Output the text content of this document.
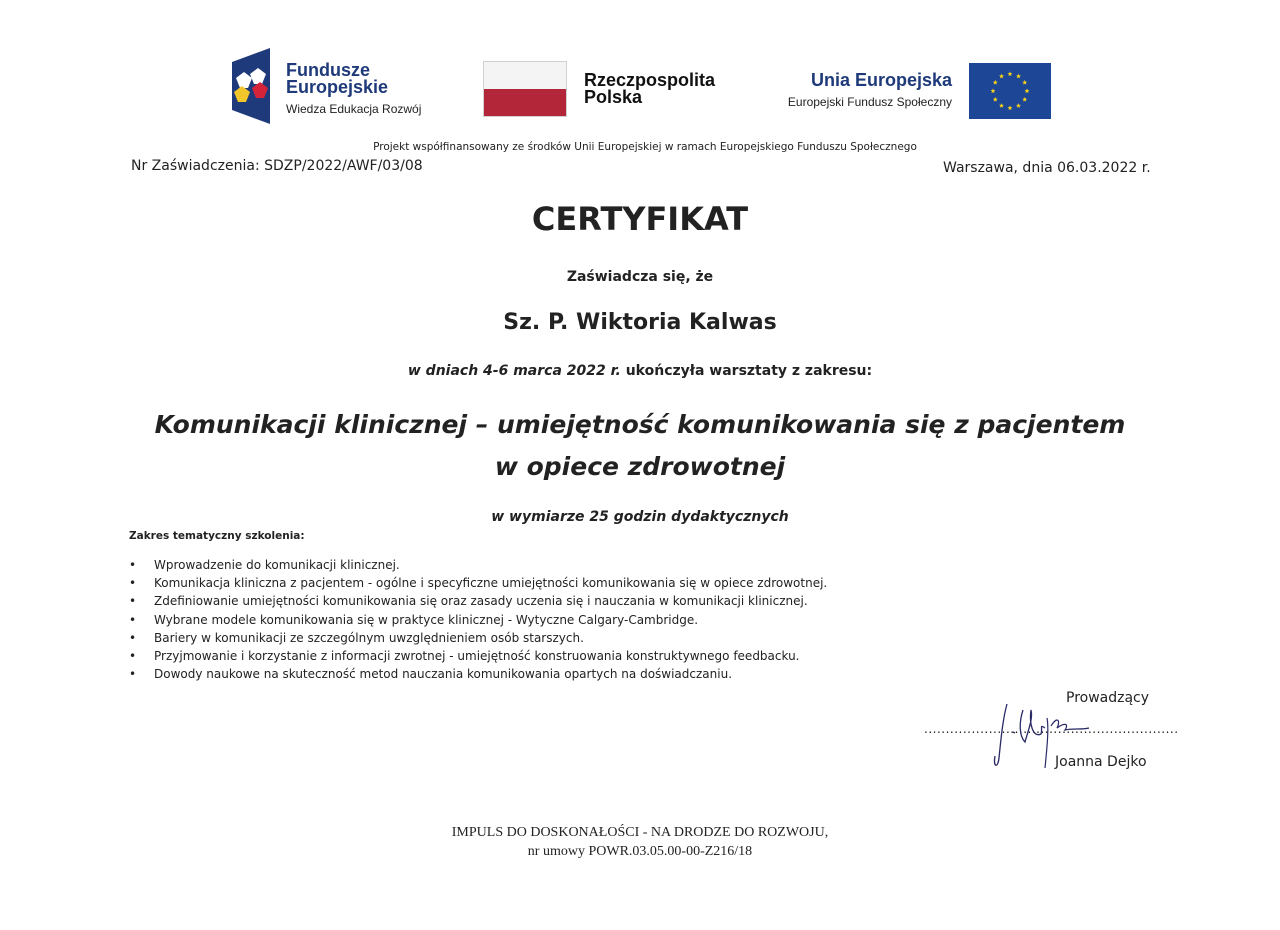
Fundusze
Europejskie
Wiedza Edukacja Rozwój
Rzeczpospolita
Polska
Unia Europejska
Europejski Fundusz Społeczny
Projekt współfinansowany ze środków Unii Europejskiej w ramach Europejskiego Funduszu Społecznego
Nr Zaświadczenia: SDZP/2022/AWF/03/08	Warszawa, dnia 06.03.2022 r.
CERTYFIKAT
Zaświadcza się, że
Sz. P. Wiktoria Kalwas
w dniach 4-6 marca 2022 r. ukończyła warsztaty z zakresu:
Komunikacji klinicznej – umiejętność komunikowania się z pacjentem
w opiece zdrowotnej
w wymiarze 25 godzin dydaktycznych
Zakres tematyczny szkolenia:
• Wprowadzenie do komunikacji klinicznej.
• Komunikacja kliniczna z pacjentem - ogólne i specyficzne umiejętności komunikowania się w opiece zdrowotnej.
• Zdefiniowanie umiejętności komunikowania się oraz zasady uczenia się i nauczania w komunikacji klinicznej.
• Wybrane modele komunikowania się w praktyce klinicznej - Wytyczne Calgary-Cambridge.
• Bariery w komunikacji ze szczególnym uwzględnieniem osób starszych.
• Przyjmowanie i korzystanie z informacji zwrotnej - umiejętność konstruowania konstruktywnego feedbacku.
• Dowody naukowe na skuteczność metod nauczania komunikowania opartych na doświadczaniu.
Prowadzący
...........................................................
Joanna Dejko
IMPULS DO DOSKONAŁOŚCI - NA DRODZE DO ROZWOJU,
nr umowy POWR.03.05.00-00-Z216/18
